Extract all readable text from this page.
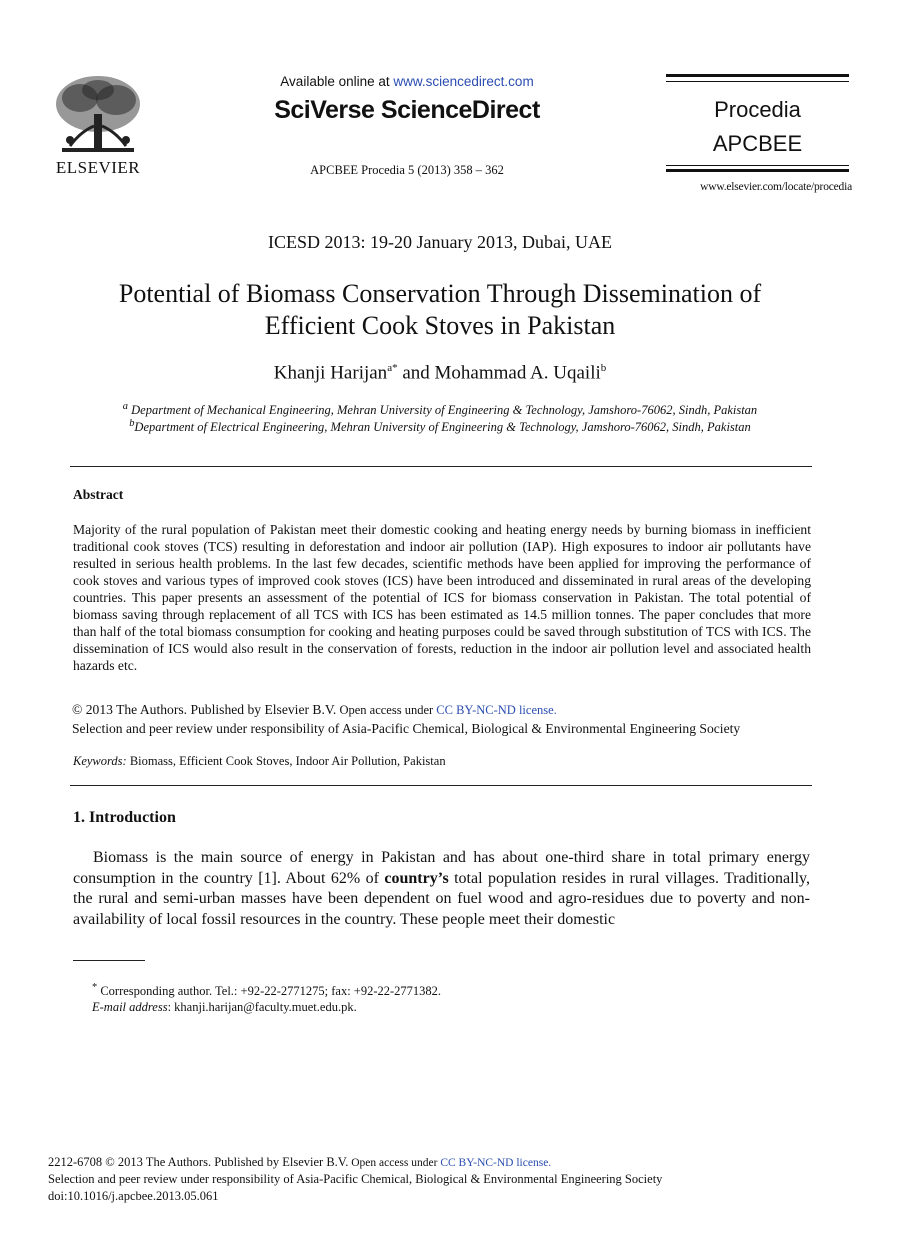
ELSEVIER
Available online at www.sciencedirect.com
SciVerse ScienceDirect
APCBEE Procedia 5 (2013) 358 – 362
Procedia
APCBEE
www.elsevier.com/locate/procedia
ICESD 2013: 19-20 January 2013, Dubai, UAE
Potential of Biomass Conservation Through Dissemination of
Efficient Cook Stoves in Pakistan
Khanji Harijan$^{a*}$ and Mohammad A. Uqaili$^b$
$^a$ Department of Mechanical Engineering, Mehran University of Engineering & Technology, Jamshoro-76062, Sindh, Pakistan
$^b$Department of Electrical Engineering, Mehran University of Engineering & Technology, Jamshoro-76062, Sindh, Pakistan
Abstract
Majority of the rural population of Pakistan meet their domestic cooking and heating energy needs by burning biomass in inefficient traditional cook stoves (TCS) resulting in deforestation and indoor air pollution (IAP). High exposures to indoor air pollutants have resulted in serious health problems. In the last few decades, scientific methods have been applied for improving the performance of cook stoves and various types of improved cook stoves (ICS) have been introduced and disseminated in rural areas of the developing countries. This paper presents an assessment of the potential of ICS for biomass conservation in Pakistan. The total potential of biomass saving through replacement of all TCS with ICS has been estimated as 14.5 million tonnes. The paper concludes that more than half of the total biomass consumption for cooking and heating purposes could be saved through substitution of TCS with ICS. The dissemination of ICS would also result in the conservation of forests, reduction in the indoor air pollution level and associated health hazards etc.
© 2013 The Authors. Published by Elsevier B.V. Open access under CC BY-NC-ND license.
Selection and peer review under responsibility of Asia-Pacific Chemical, Biological & Environmental Engineering Society
Keywords: Biomass, Efficient Cook Stoves, Indoor Air Pollution, Pakistan
1. Introduction
Biomass is the main source of energy in Pakistan and has about one-third share in total primary energy consumption in the country [1]. About 62% of country’s total population resides in rural villages. Traditionally, the rural and semi-urban masses have been dependent on fuel wood and agro-residues due to poverty and non-availability of local fossil resources in the country. These people meet their domestic
* Corresponding author. Tel.: +92-22-2771275; fax: +92-22-2771382.
E-mail address: khanji.harijan@faculty.muet.edu.pk.
2212-6708 © 2013 The Authors. Published by Elsevier B.V. Open access under CC BY-NC-ND license.
Selection and peer review under responsibility of Asia-Pacific Chemical, Biological & Environmental Engineering Society
doi:10.1016/j.apcbee.2013.05.061
